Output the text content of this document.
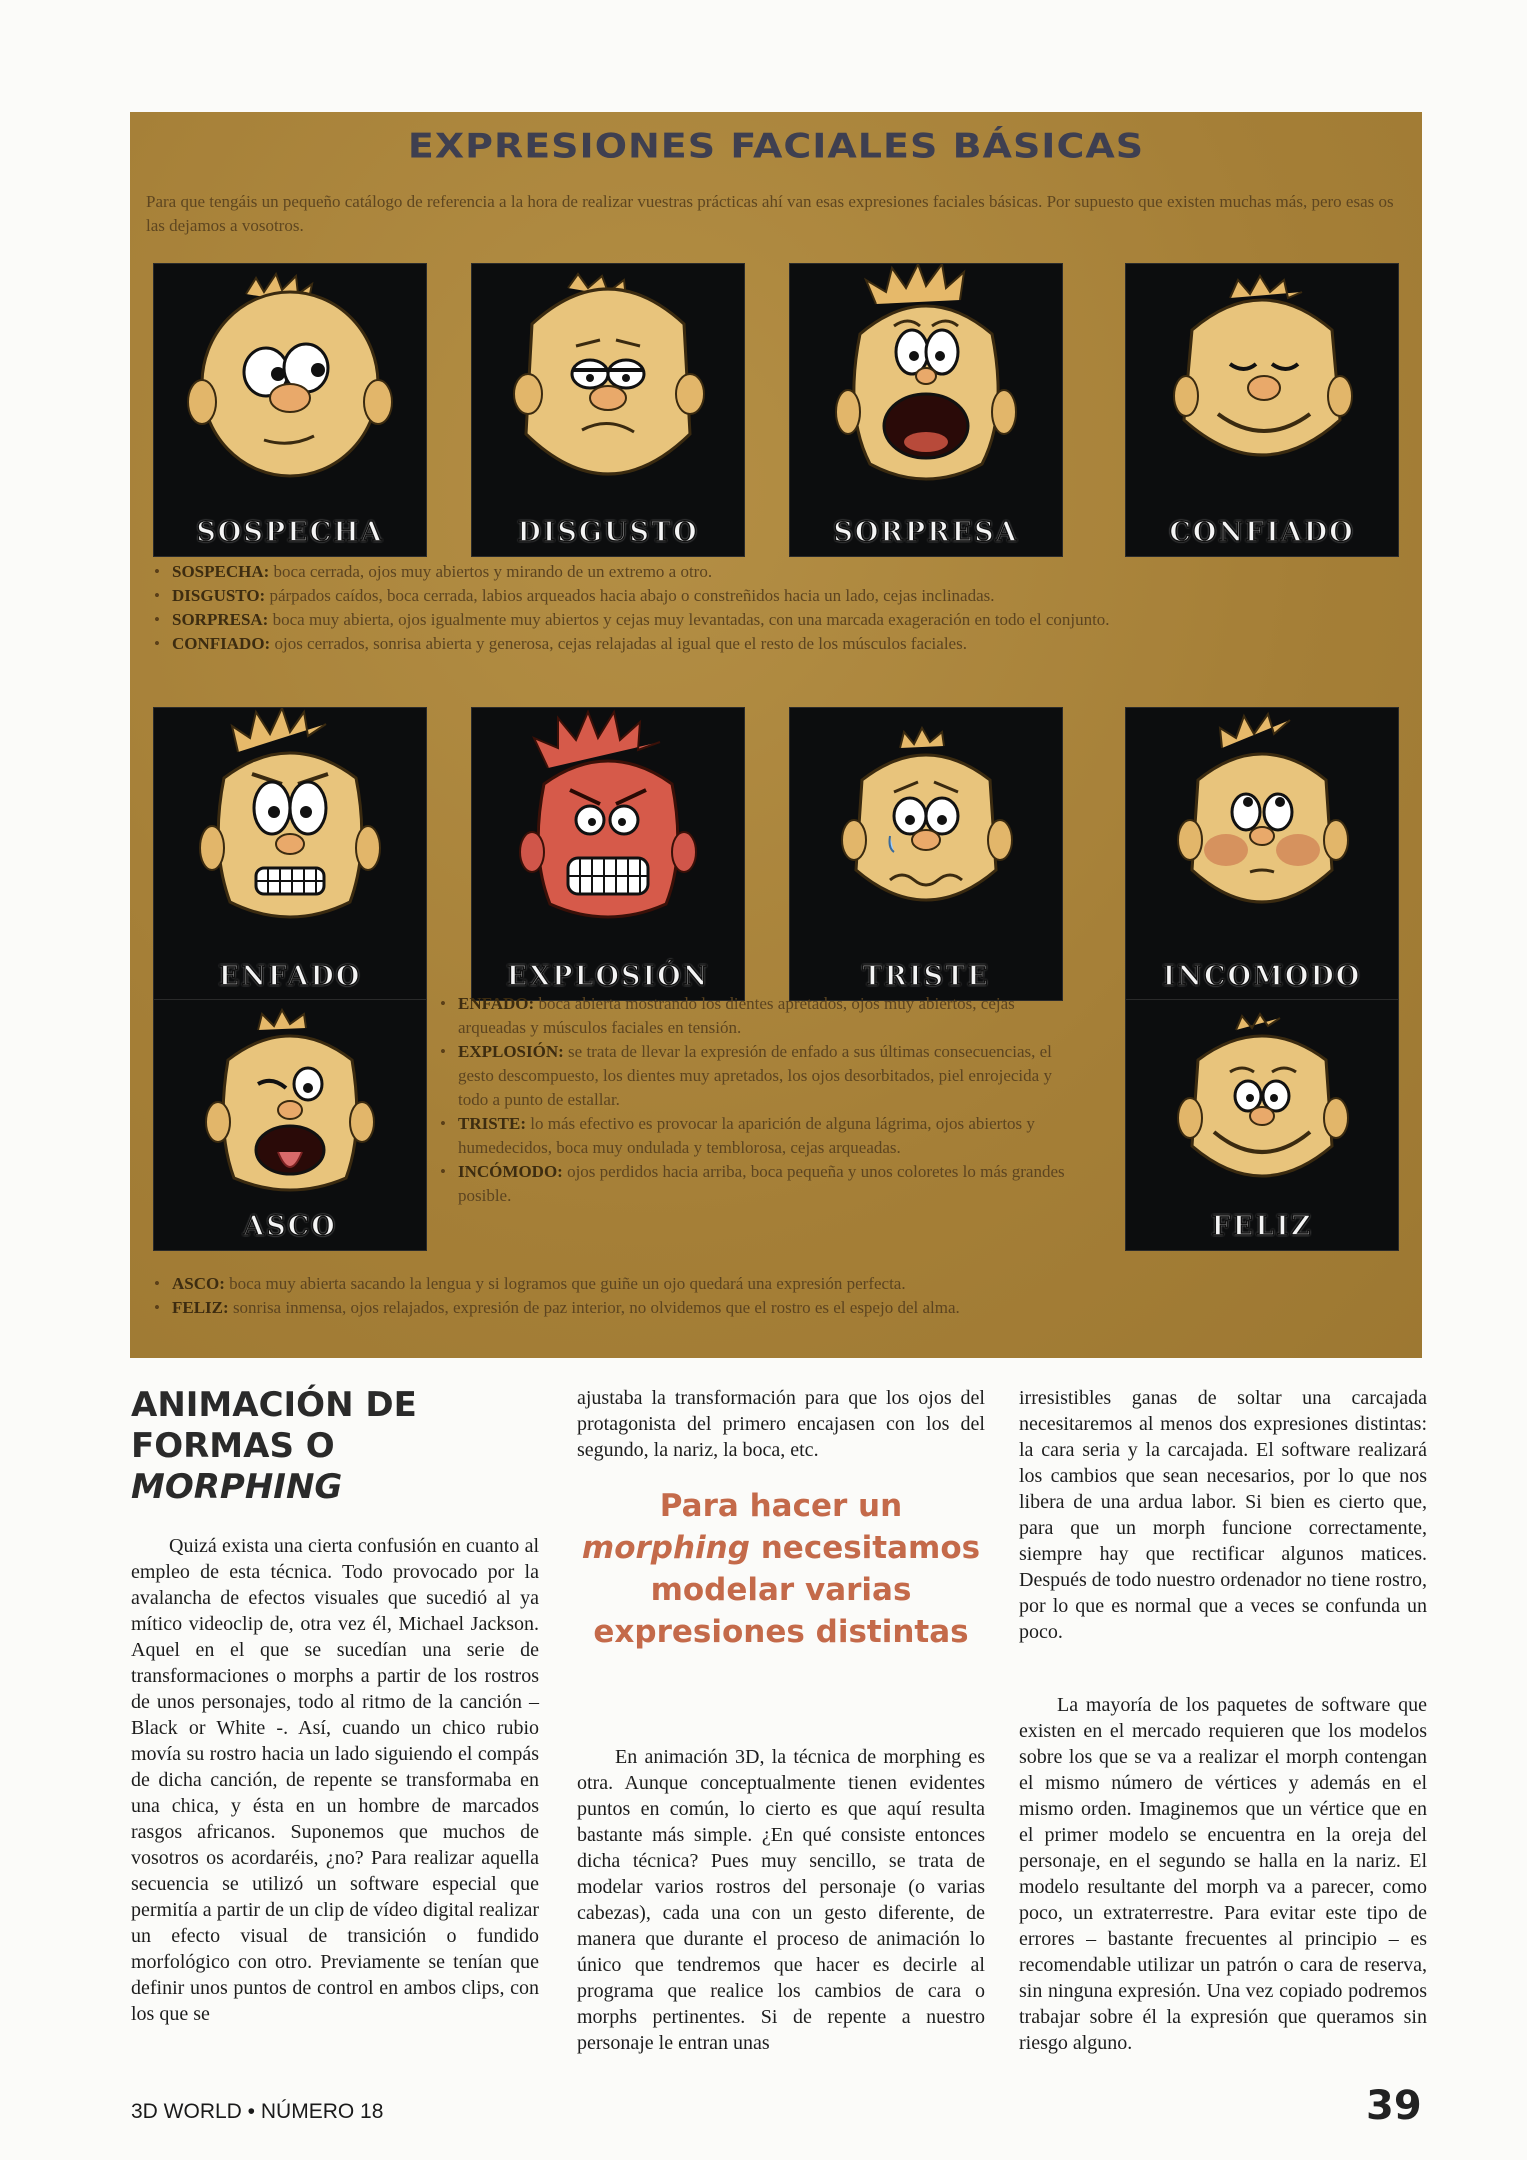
EXPRESIONES FACIALES BÁSICAS
Para que tengáis un pequeño catálogo de referencia a la hora de realizar vuestras prácticas ahí van esas expresiones faciales básicas. Por supuesto que existen muchas más, pero esas os las dejamos a vosotros.
SOSPECHA	DISGUSTO	SORPRESA	CONFIADO
• SOSPECHA: boca cerrada, ojos muy abiertos y mirando de un extremo a otro.
• DISGUSTO: párpados caídos, boca cerrada, labios arqueados hacia abajo o constreñidos hacia un lado, cejas inclinadas.
• SORPRESA: boca muy abierta, ojos igualmente muy abiertos y cejas muy levantadas, con una marcada exageración en todo el conjunto.
• CONFIADO: ojos cerrados, sonrisa abierta y generosa, cejas relajadas al igual que el resto de los músculos faciales.
ENFADO	EXPLOSIÓN	TRISTE	INCOMODO
ASCO	FELIZ
• ENFADO: boca abierta mostrando los dientes apretados, ojos muy abiertos, cejas arqueadas y músculos faciales en tensión.
• EXPLOSIÓN: se trata de llevar la expresión de enfado a sus últimas consecuencias, el gesto descompuesto, los dientes muy apretados, los ojos desorbitados, piel enrojecida y todo a punto de estallar.
• TRISTE: lo más efectivo es provocar la aparición de alguna lágrima, ojos abiertos y humedecidos, boca muy ondulada y temblorosa, cejas arqueadas.
• INCÓMODO: ojos perdidos hacia arriba, boca pequeña y unos coloretes lo más grandes posible.
• ASCO: boca muy abierta sacando la lengua y si logramos que guiñe un ojo quedará una expresión perfecta.
• FELIZ: sonrisa inmensa, ojos relajados, expresión de paz interior, no olvidemos que el rostro es el espejo del alma.
ANIMACIÓN DE
FORMAS O
MORPHING

Quizá exista una cierta confusión en cuanto al empleo de esta técnica. Todo provocado por la avalancha de efectos visuales que sucedió al ya mítico videoclip de, otra vez él, Michael Jackson. Aquel en el que se sucedían una serie de transformaciones o morphs a partir de los rostros de unos personajes, todo al ritmo de la canción – Black or White -. Así, cuando un chico rubio movía su rostro hacia un lado siguiendo el compás de dicha canción, de repente se transformaba en una chica, y ésta en un hombre de marcados rasgos africanos. Suponemos que muchos de vosotros os acordaréis, ¿no? Para realizar aquella secuencia se utilizó un software especial que permitía a partir de un clip de vídeo digital realizar un efecto visual de transición o fundido morfológico con otro. Previamente se tenían que definir unos puntos de control en ambos clips, con los que se

ajustaba la transformación para que los ojos del protagonista del primero encajasen con los del segundo, la nariz, la boca, etc.

Para hacer un morphing necesitamos modelar varias expresiones distintas

En animación 3D, la técnica de morphing es otra. Aunque conceptualmente tienen evidentes puntos en común, lo cierto es que aquí resulta bastante más simple. ¿En qué consiste entonces dicha técnica? Pues muy sencillo, se trata de modelar varios rostros del personaje (o varias cabezas), cada una con un gesto diferente, de manera que durante el proceso de animación lo único que tendremos que hacer es decirle al programa que realice los cambios de cara o morphs pertinentes. Si de repente a nuestro personaje le entran unas

irresistibles ganas de soltar una carcajada necesitaremos al menos dos expresiones distintas: la cara seria y la carcajada. El software realizará los cambios que sean necesarios, por lo que nos libera de una ardua labor. Si bien es cierto que, para que un morph funcione correctamente, siempre hay que rectificar algunos matices. Después de todo nuestro ordenador no tiene rostro, por lo que es normal que a veces se confunda un poco.

La mayoría de los paquetes de software que existen en el mercado requieren que los modelos sobre los que se va a realizar el morph contengan el mismo número de vértices y además en el mismo orden. Imaginemos que un vértice que en el primer modelo se encuentra en la oreja del personaje, en el segundo se halla en la nariz. El modelo resultante del morph va a parecer, como poco, un extraterrestre. Para evitar este tipo de errores – bastante frecuentes al principio – es recomendable utilizar un patrón o cara de reserva, sin ninguna expresión. Una vez copiado podremos trabajar sobre él la expresión que queramos sin riesgo alguno.

3D WORLD • NÚMERO 18	39
